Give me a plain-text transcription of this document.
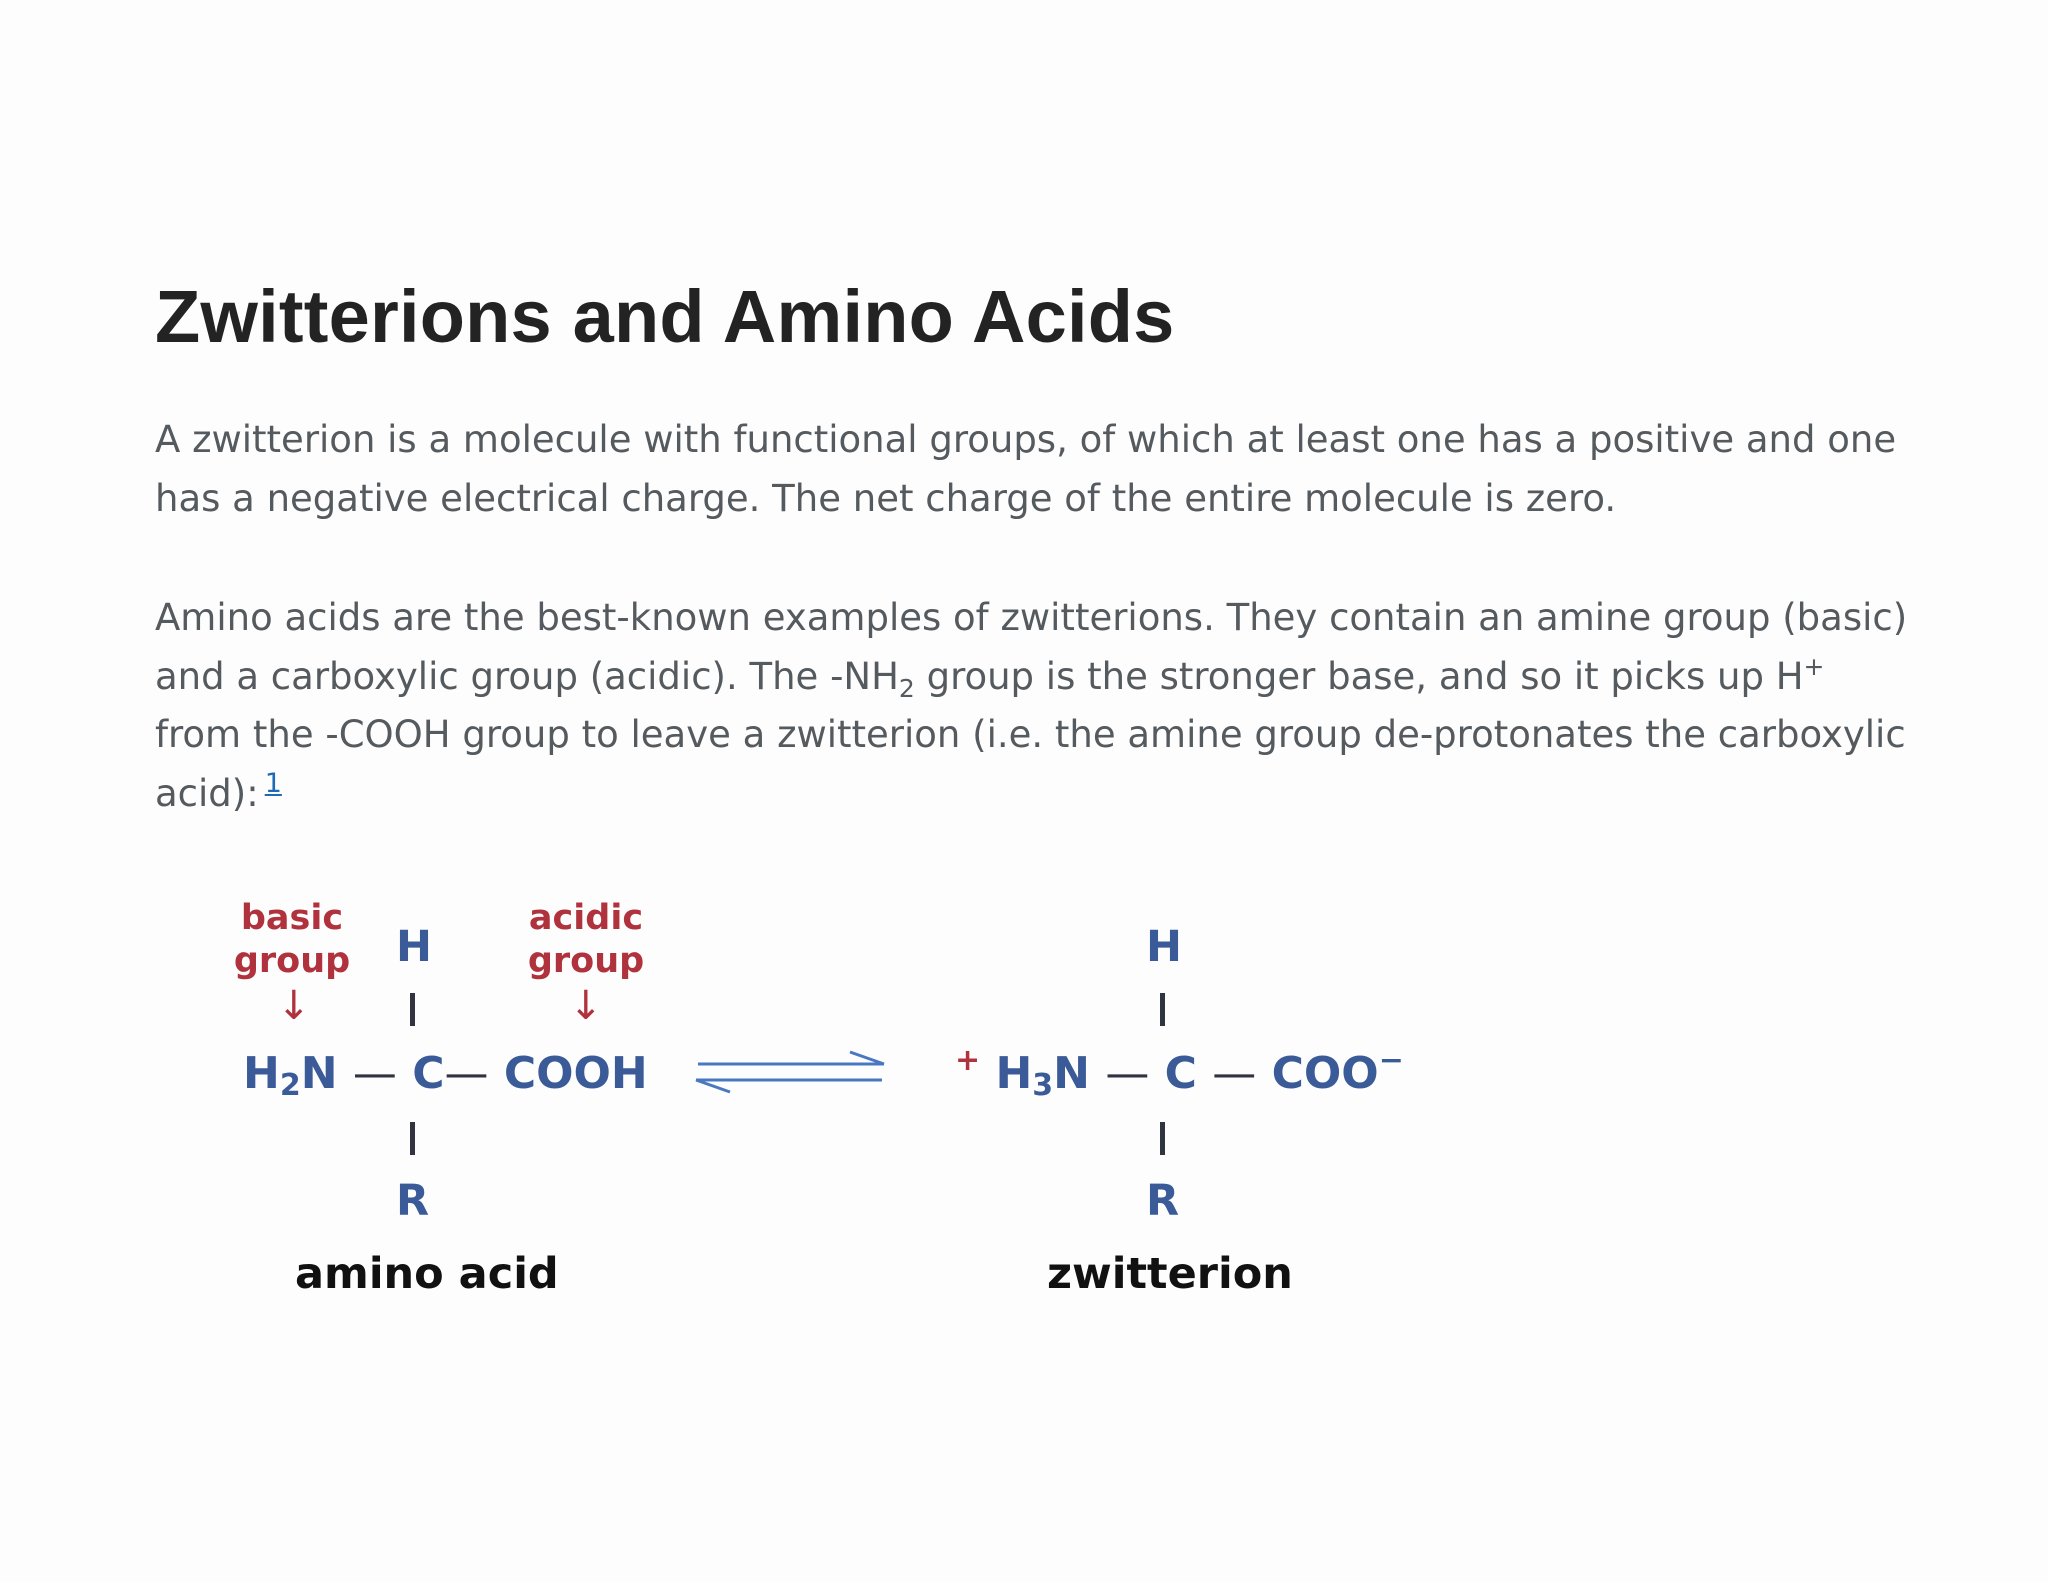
Zwitterions and Amino Acids

A zwitterion is a molecule with functional groups, of which at least one has a positive and one has a negative electrical charge. The net charge of the entire molecule is zero.

Amino acids are the best-known examples of zwitterions. They contain an amine group (basic) and a carboxylic group (acidic). The $-NH_2$ group is the stronger base, and so it picks up H+ from the -COOH group to leave a zwitterion (i.e. the amine group de-protonates the carboxylic acid): $^1$

basic group
↓
acidic group
↓
H
$H_2N$ — C— COOH
R
amino acid
H
+ $H_3N$ — C — COO−
R
zwitterion
